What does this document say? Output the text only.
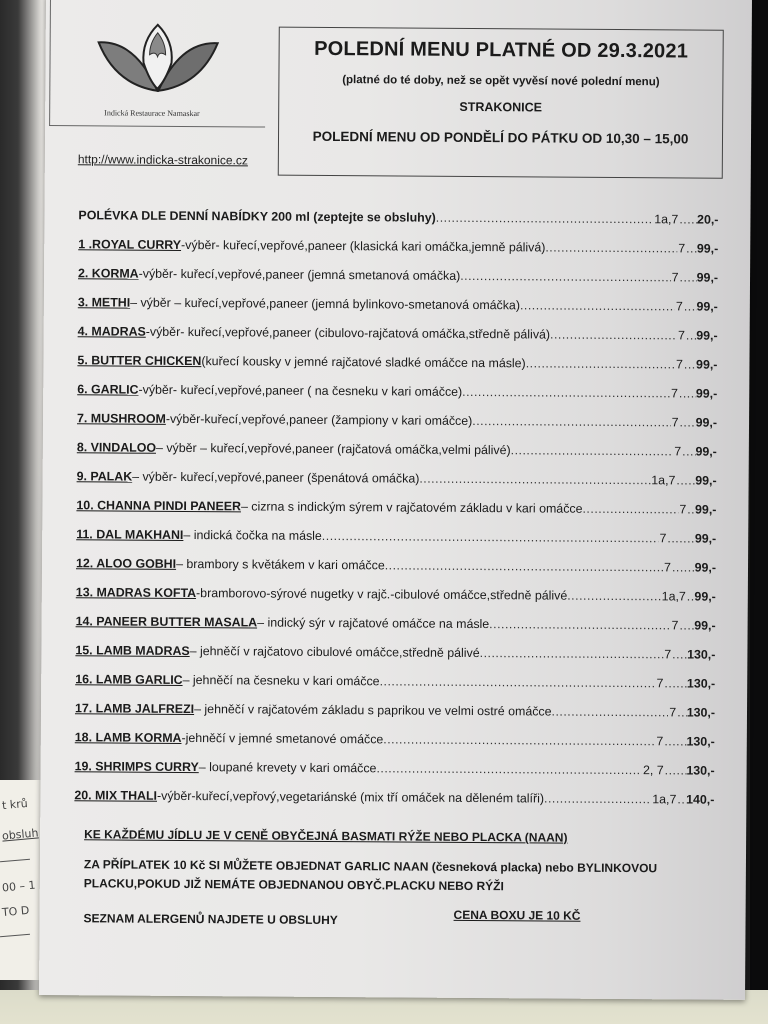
t krů
obsluh
00 – 1
TO D
Indická Restaurace Namaskar
http://www.indicka-strakonice.cz
POLEDNÍ MENU PLATNÉ OD 29.3.2021
(platné do té doby, než se opět vyvěsí nové polední menu)
STRAKONICE
POLEDNÍ MENU OD PONDĚLÍ DO PÁTKU OD 10,30 – 15,00
POLÉVKA DLE DENNÍ NABÍDKY 200 ml (zeptejte se obsluhy) .....	1a,7 ..... 20,-
1 .ROYAL CURRY -výběr- kuřecí,vepřové,paneer (klasická kari omáčka,jemně pálivá) .....	7 ..... 99,-
2. KORMA -výběr- kuřecí,vepřové,paneer (jemná smetanová omáčka) .....	7 ..... 99,-
3. METHI – výběr – kuřecí,vepřové,paneer (jemná bylinkovo-smetanová omáčka) .....	7 ..... 99,-
4. MADRAS -výběr- kuřecí,vepřové,paneer (cibulovo-rajčatová omáčka,středně pálivá) .....	7 ..... 99,-
5. BUTTER CHICKEN (kuřecí kousky v jemné rajčatové sladké omáčce na másle) .....	7 ..... 99,-
6. GARLIC -výběr- kuřecí,vepřové,paneer ( na česneku v kari omáčce) .....	7 ..... 99,-
7. MUSHROOM -výběr-kuřecí,vepřové,paneer (žampiony v kari omáčce) .....	7 ..... 99,-
8. VINDALOO – výběr – kuřecí,vepřové,paneer (rajčatová omáčka,velmi pálivé) .....	7 ..... 99,-
9. PALAK – výběr- kuřecí,vepřové,paneer (špenátová omáčka) .....	1a,7 ..... 99,-
10. CHANNA PINDI PANEER – cizrna s indickým sýrem v rajčatovém základu v kari omáčce .....	7 ..... 99,-
11. DAL MAKHANI – indická čočka na másle .....	7 ..... 99,-
12. ALOO GOBHI – brambory s květákem v kari omáčce .....	7 ..... 99,-
13. MADRAS KOFTA -bramborovo-sýrové nugetky v rajč.-cibulové omáčce,středně pálivé .....	1a,7 ..... 99,-
14. PANEER BUTTER MASALA – indický sýr v rajčatové omáčce na másle .....	7 ..... 99,-
15. LAMB MADRAS – jehněčí v rajčatovo cibulové omáčce,středně pálivé .....	7 ..... 130,-
16. LAMB GARLIC – jehněčí na česneku v kari omáčce .....	7 ..... 130,-
17. LAMB JALFREZI – jehněčí v rajčatovém základu s paprikou ve velmi ostré omáčce .....	7 ..... 130,-
18. LAMB KORMA -jehněčí v jemné smetanové omáčce .....	7 ..... 130,-
19. SHRIMPS CURRY – loupané krevety v kari omáčce .....	2, 7 ..... 130,-
20. MIX THALI -výběr-kuřecí,vepřový,vegetariánské (mix tří omáček na děleném talíři) .....	1a,7 ..... 140,-
KE KAŽDÉMU JÍDLU JE V CENĚ OBYČEJNÁ BASMATI RÝŽE NEBO PLACKA (NAAN)
ZA PŘÍPLATEK 10 Kč SI MŮŽETE OBJEDNAT GARLIC NAAN (česneková placka) nebo BYLINKOVOU
PLACKU,POKUD JIŽ NEMÁTE OBJEDNANOU OBYČ.PLACKU NEBO RÝŽI
SEZNAM ALERGENŮ NAJDETE U OBSLUHY	CENA BOXU JE 10 KČ
